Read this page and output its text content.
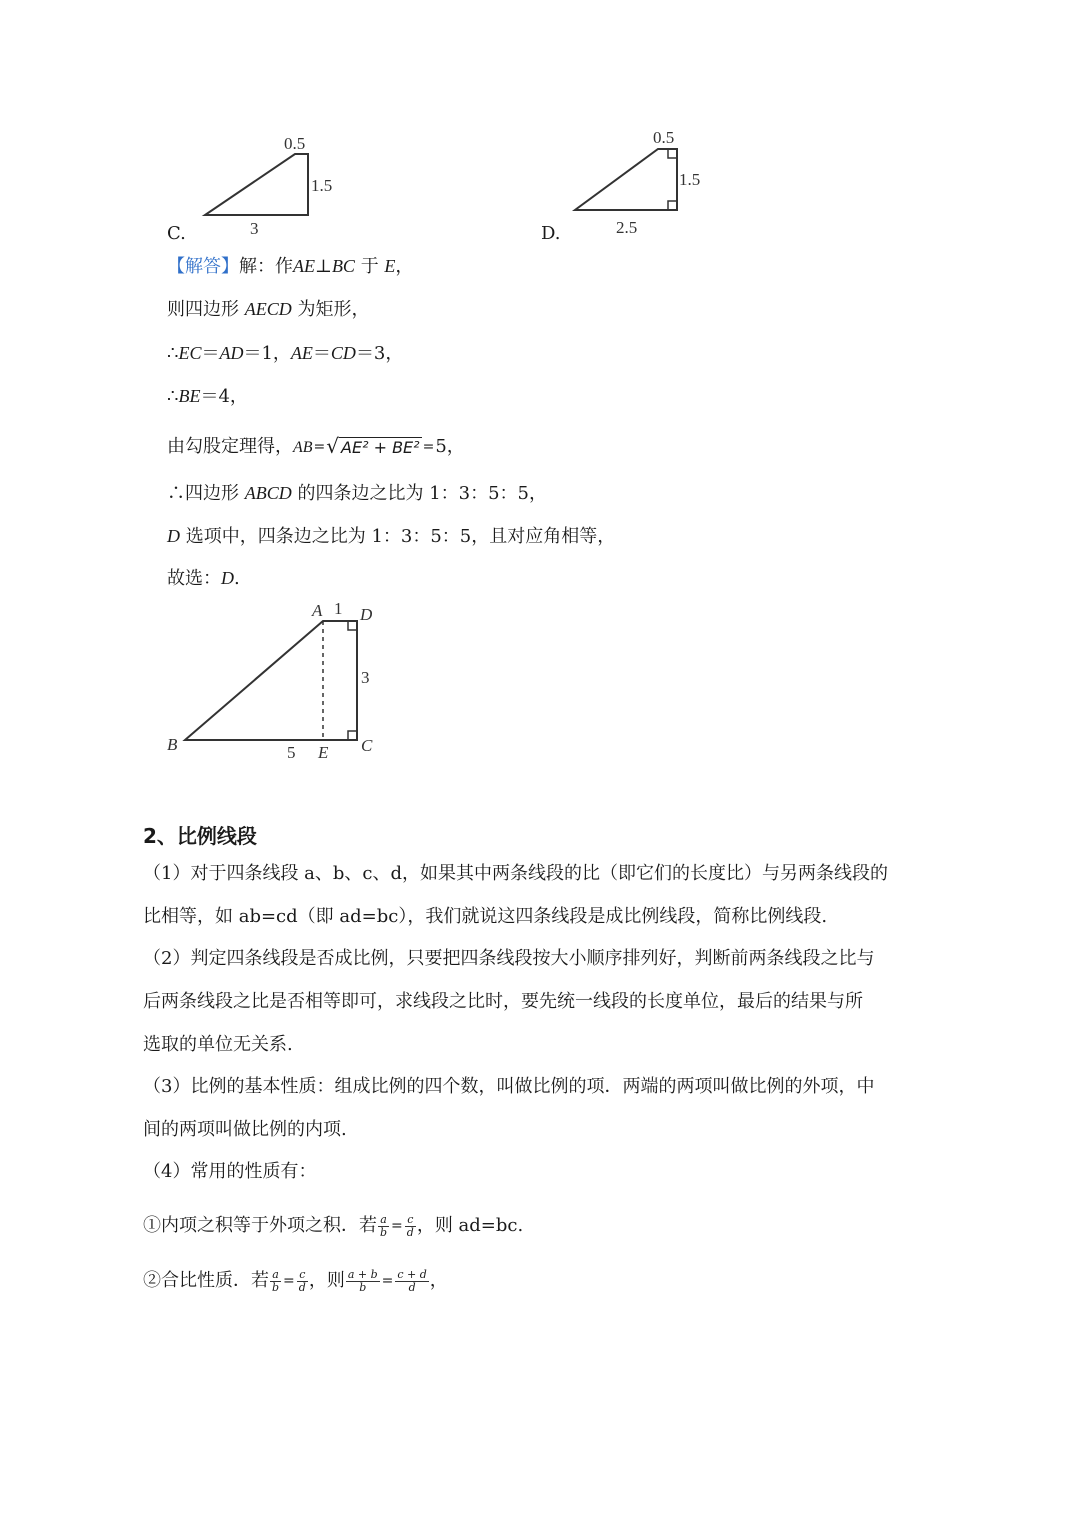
0.5
1.5
3
C.
0.5
1.5
2.5
D.
【解答】解：作AE⊥BC 于 E，
则四边形 AECD 为矩形，
∴EC＝AD＝1，AE＝CD＝3，
∴BE＝4，
由勾股定理得，AB=√ AE² + BE² =5，
∴四边形 ABCD 的四条边之比为 1：3：5：5，
D 选项中，四条边之比为 1：3：5：5，且对应角相等，
故选：D.
A 1 D
3
B	5 E C
2、比例线段
（1）对于四条线段 a、b、c、d，如果其中两条线段的比（即它们的长度比）与另两条线段的
比相等，如 ab=cd（即 ad=bc），我们就说这四条线段是成比例线段，简称比例线段.
（2）判定四条线段是否成比例，只要把四条线段按大小顺序排列好，判断前两条线段之比与
后两条线段之比是否相等即可，求线段之比时，要先统一线段的长度单位，最后的结果与所
选取的单位无关系.
（3）比例的基本性质：组成比例的四个数，叫做比例的项．两端的两项叫做比例的外项，中
间的两项叫做比例的内项.
（4）常用的性质有：
①内项之积等于外项之积．若 $\frac{a}{b} = \frac{c}{d}$ ，则 ad=bc.
②合比性质．若 $\frac{a}{b} = \frac{c}{d}$ ，则 $\frac{a + b}{b} = \frac{c + d}{d}$ ，
